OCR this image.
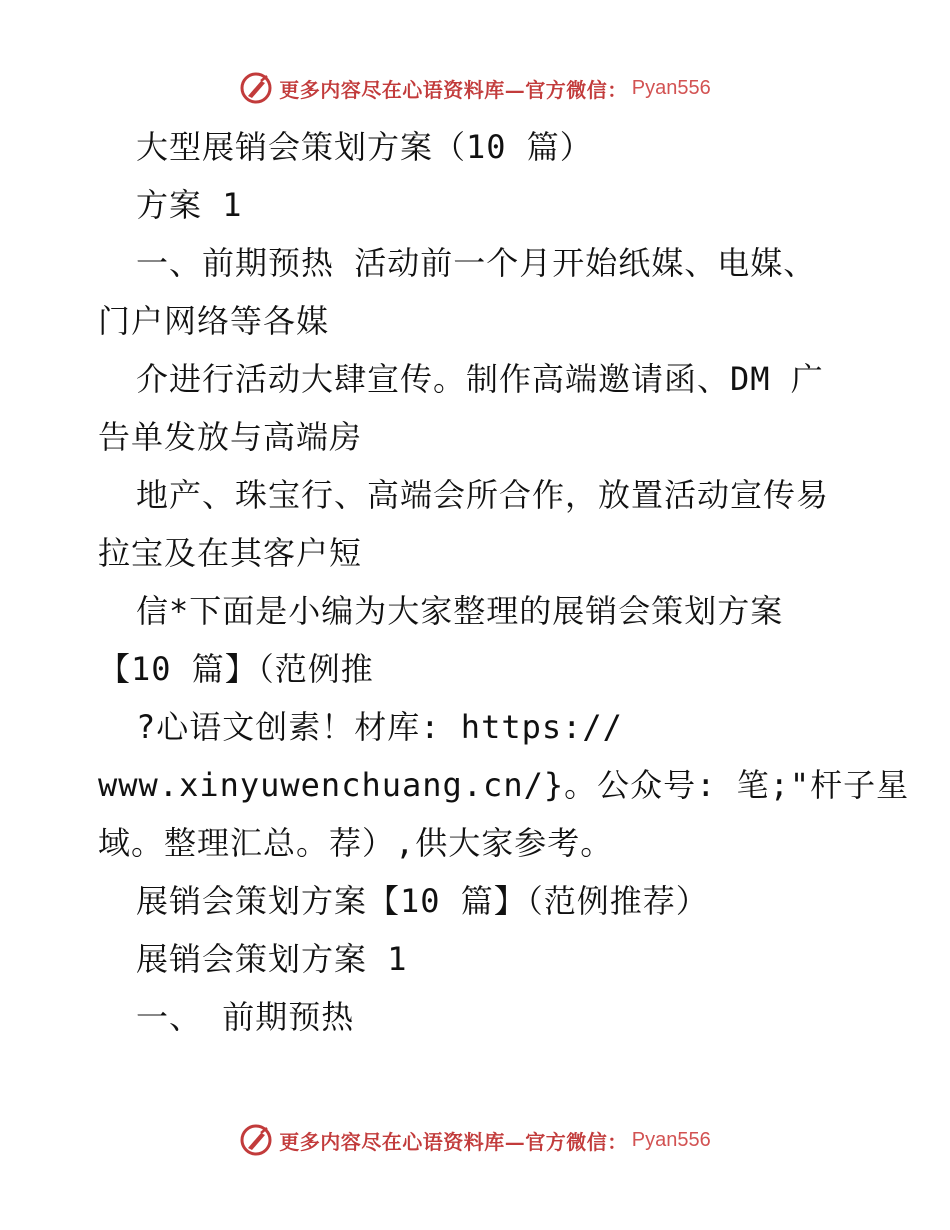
更多内容尽在心语资料库—官方微信： Pyan556
大型展销会策划方案（10 篇）
方案 1
一、前期预热 活动前一个月开始纸媒、电媒、
门户网络等各媒
介进行活动大肆宣传。制作高端邀请函、DM 广
告单发放与高端房
地产、珠宝行、高端会所合作，放置活动宣传易
拉宝及在其客户短
信*下面是小编为大家整理的展销会策划方案
【10 篇】（范例推
?心语文创素！材库: https://
www.xinyuwenchuang.cn/}。公众号: 笔;"杆子星
域。整理汇总。荐）,供大家参考。
展销会策划方案【10 篇】（范例推荐）
展销会策划方案 1
一、 前期预热
更多内容尽在心语资料库—官方微信： Pyan556
